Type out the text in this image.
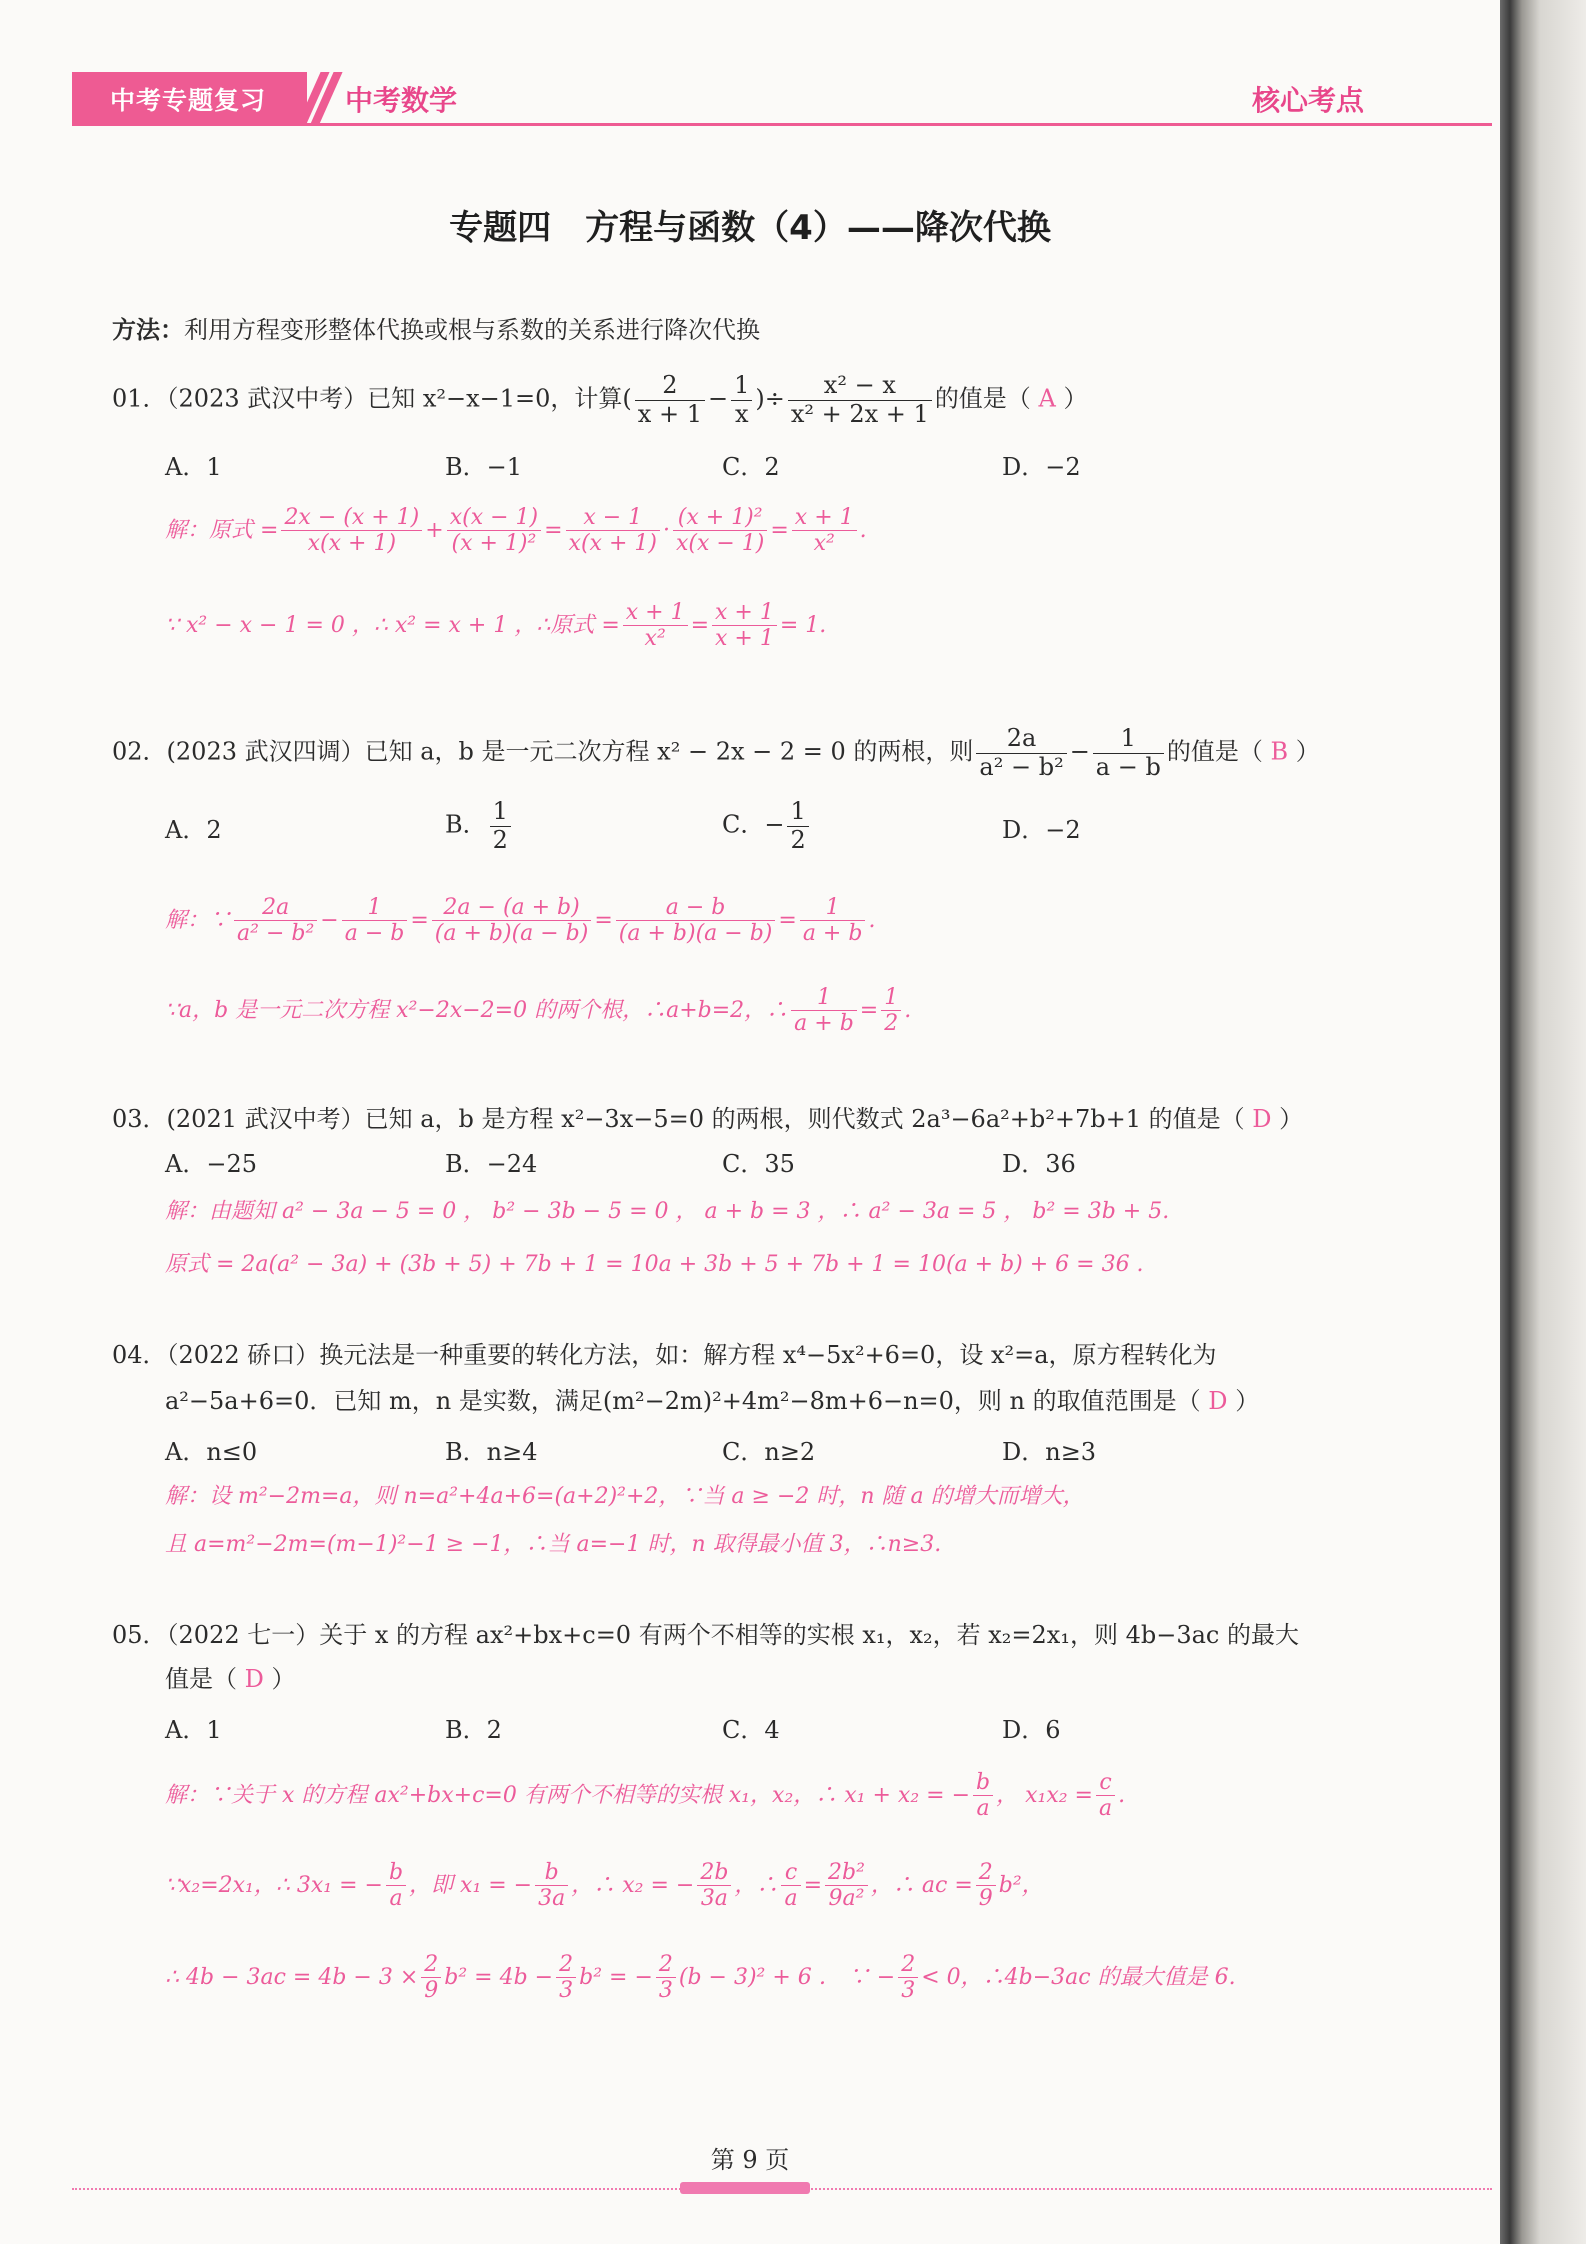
中考专题复习	中考数学	核心考点
专题四　方程与函数（4）——降次代换
方法：利用方程变形整体代换或根与系数的关系进行降次代换
01．（2023 武汉中考）已知 x²−x−1=0，计算( $\frac{2}{x + 1} - \frac{1}{x}$ )÷ $\frac{\text{x² − x}}{\text{x² + 2x + 1}}$ 的值是（ A ）
A．1	B．−1	C．2	D．−2
解：原式 = $\frac{2x - (x + 1)}{x(x + 1)} + \frac{x(x - 1)}{\text{(x + 1)²}} = \frac{x - 1}{x(x + 1)} \cdot \frac{\text{(x + 1)²}}{x(x - 1)} = \frac{x + 1}{\text{x²}}$ .
∵ x² − x − 1 = 0 ，∴ x² = x + 1 ，∴原式 = $\frac{x + 1}{\text{x²}} = \frac{x + 1}{x + 1} = 1$.
02．(2023 武汉四调）已知 a，b 是一元二次方程 x² − 2x − 2 = 0 的两根，则 $\frac{2a}{\text{a² − b²}} - \frac{1}{a - b}$ 的值是（ B ）
A．2	B． $\frac{1}{2}$	C．− $\frac{1}{2}$	D．−2
解：∵ $\frac{2a}{\text{a² − b²}} - \frac{1}{a - b} = \frac{2a - (a + b)}{(a + b)(a - b)} = \frac{a - b}{(a + b)(a - b)} = \frac{1}{a + b}$ .
∵a，b 是一元二次方程 x²−2x−2=0 的两个根，∴a+b=2，∴ $\frac{1}{a + b} = \frac{1}{2}$ .
03．(2021 武汉中考）已知 a，b 是方程 x²−3x−5=0 的两根，则代数式 2a³−6a²+b²+7b+1 的值是（ D ）
A．−25	B．−24	C．35	D．36
解：由题知 a² − 3a − 5 = 0 ， b² − 3b − 5 = 0 ， a + b = 3 ，∴ a² − 3a = 5 ， b² = 3b + 5.
原式 = 2a(a² − 3a) + (3b + 5) + 7b + 1 = 10a + 3b + 5 + 7b + 1 = 10(a + b) + 6 = 36 .
04．（2022 硚口）换元法是一种重要的转化方法，如：解方程 x⁴−5x²+6=0，设 x²=a，原方程转化为
a²−5a+6=0．已知 m，n 是实数，满足(m²−2m)²+4m²−8m+6−n=0，则 n 的取值范围是（ D ）
A．n≤0	B．n≥4	C．n≥2	D．n≥3
解：设 m²−2m=a，则 n=a²+4a+6=(a+2)²+2，∵当 a ≥ −2 时，n 随 a 的增大而增大，
且 a=m²−2m=(m−1)²−1 ≥ −1，∴当 a=−1 时，n 取得最小值 3，∴n≥3.
05．（2022 七一）关于 x 的方程 ax²+bx+c=0 有两个不相等的实根 x₁，x₂，若 x₂=2x₁，则 4b−3ac 的最大
值是（ D ）
A．1	B．2	C．4	D．6
解：∵关于 x 的方程 ax²+bx+c=0 有两个不相等的实根 x₁，x₂，∴ x₁ + x₂ = − $\frac{b}{a}$ ， $x_1x_2 = \frac{c}{a}$ .
∵x₂=2x₁，∴ 3x₁ = − $\frac{b}{a}$ ，即 x₁ = − $\frac{b}{3a}$ ，∴ x₂ = − $\frac{2b}{3a}$ ，∴ $\frac{c}{a} = \frac{\text{2b²}}{\text{9a²}}$ ，∴ ac = $\frac{2}{9} b^2$，
∴ $4b - 3ac = 4b - 3 \times \frac{2}{9} b^2 = 4b - \frac{2}{3} b^2$ = − $\frac{2}{3} (b - 3)^2 + 6$ ． ∵ − $\frac{2}{3} < 0$，∴4b−3ac 的最大值是 6.
第 9 页
